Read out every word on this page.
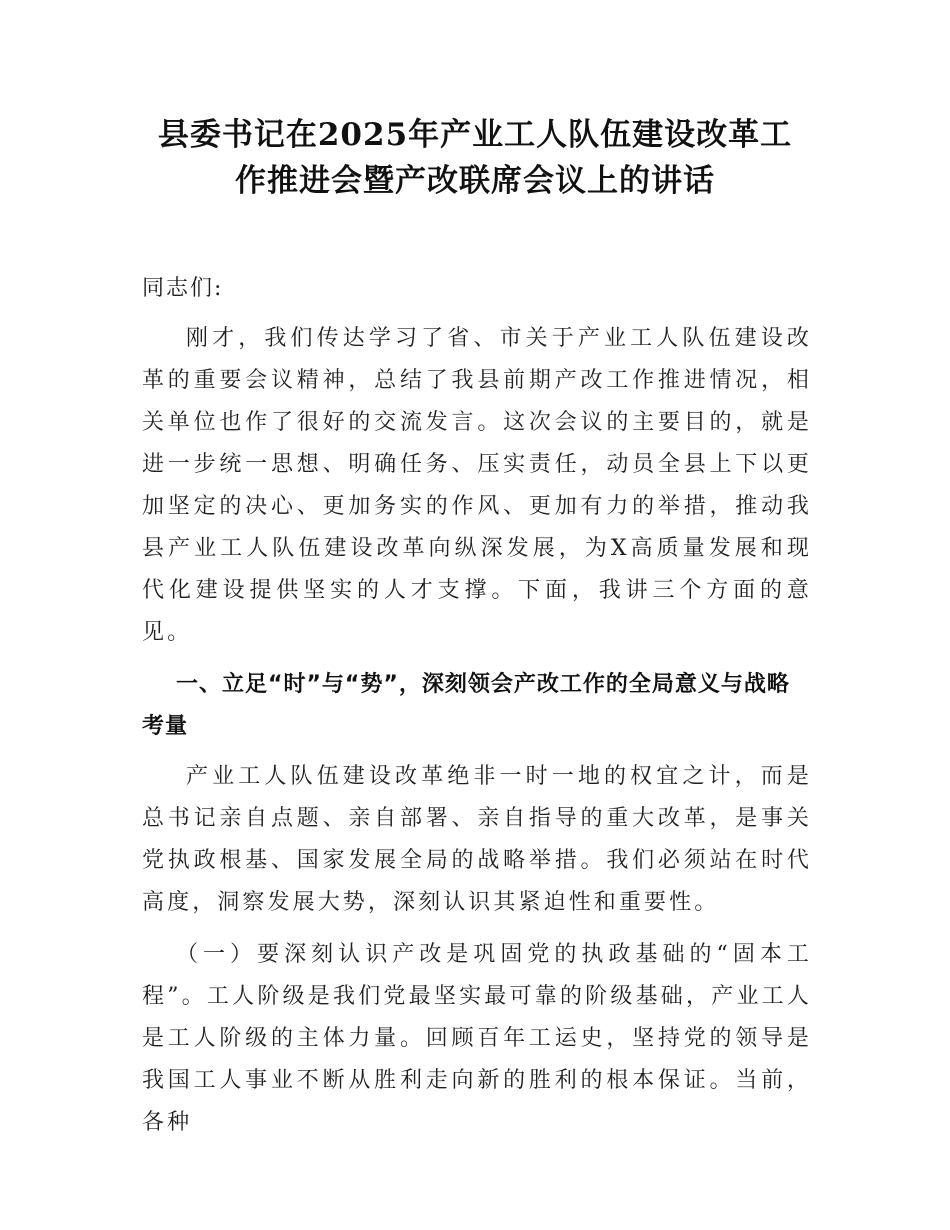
县委书记在2025年产业工人队伍建设改革工
作推进会暨产改联席会议上的讲话

同志们:

刚才，我们传达学习了省、市关于产业工人队伍建设改革的重要会议精神，总结了我县前期产改工作推进情况，相关单位也作了很好的交流发言。这次会议的主要目的，就是进一步统一思想、明确任务、压实责任，动员全县上下以更加坚定的决心、更加务实的作风、更加有力的举措，推动我县产业工人队伍建设改革向纵深发展，为X高质量发展和现代化建设提供坚实的人才支撑。下面，我讲三个方面的意见。

一、立足“时”与“势”，深刻领会产改工作的全局意义与战略考量

产业工人队伍建设改革绝非一时一地的权宜之计，而是总书记亲自点题、亲自部署、亲自指导的重大改革，是事关党执政根基、国家发展全局的战略举措。我们必须站在时代高度，洞察发展大势，深刻认识其紧迫性和重要性。

（一）要深刻认识产改是巩固党的执政基础的“固本工程”。工人阶级是我们党最坚实最可靠的阶级基础，产业工人是工人阶级的主体力量。回顾百年工运史，坚持党的领导是我国工人事业不断从胜利走向新的胜利的根本保证。当前，各种
